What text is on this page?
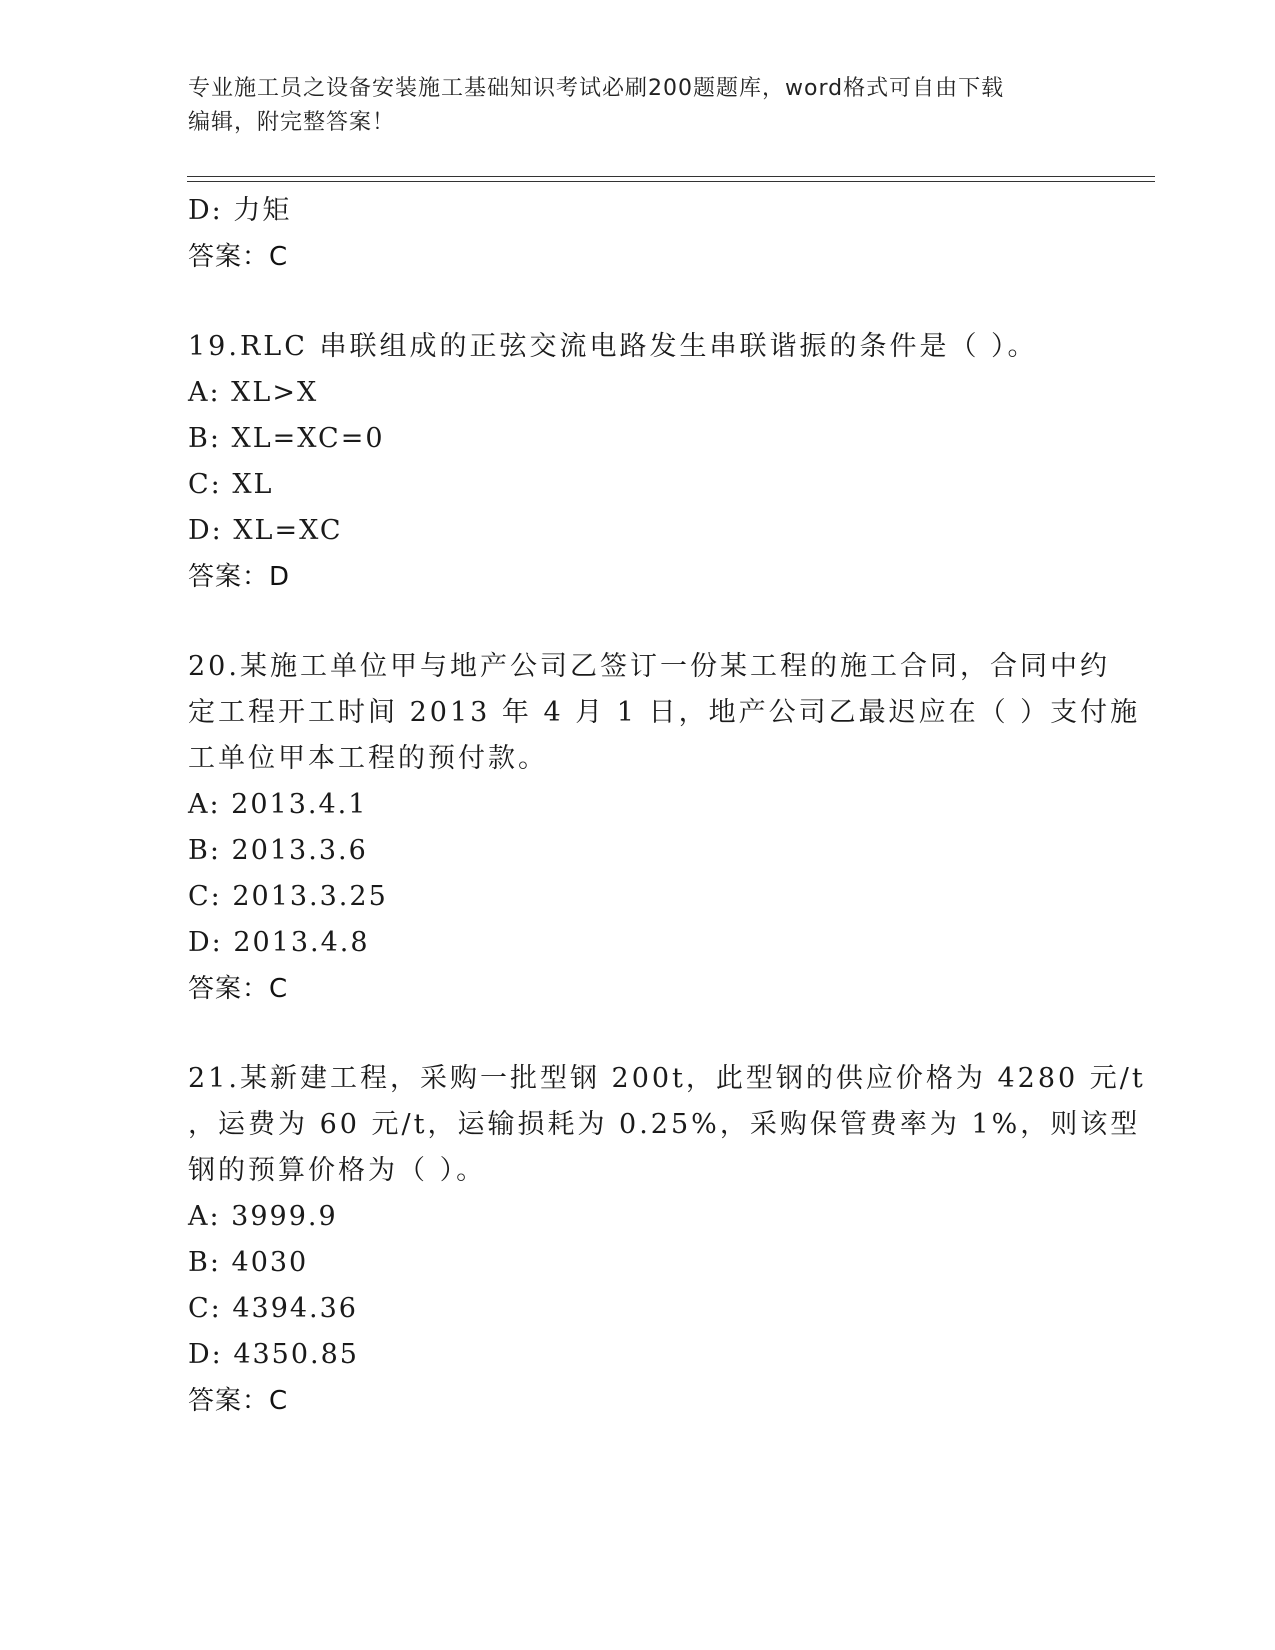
专业施工员之设备安装施工基础知识考试必刷200题题库，word格式可自由下载
编辑，附完整答案！
D: 力矩
答案：C
19.RLC 串联组成的正弦交流电路发生串联谐振的条件是（ ）。
A: XL>X
B: XL=XC=0
C: XL
D: XL=XC
答案：D
20.某施工单位甲与地产公司乙签订一份某工程的施工合同，合同中约
定工程开工时间 2013 年 4 月 1 日，地产公司乙最迟应在（ ）支付施
工单位甲本工程的预付款。
A: 2013.4.1
B: 2013.3.6
C: 2013.3.25
D: 2013.4.8
答案：C
21.某新建工程，采购一批型钢 200t，此型钢的供应价格为 4280 元/t
，运费为 60 元/t，运输损耗为 0.25%，采购保管费率为 1%，则该型
钢的预算价格为（ ）。
A: 3999.9
B: 4030
C: 4394.36
D: 4350.85
答案：C
